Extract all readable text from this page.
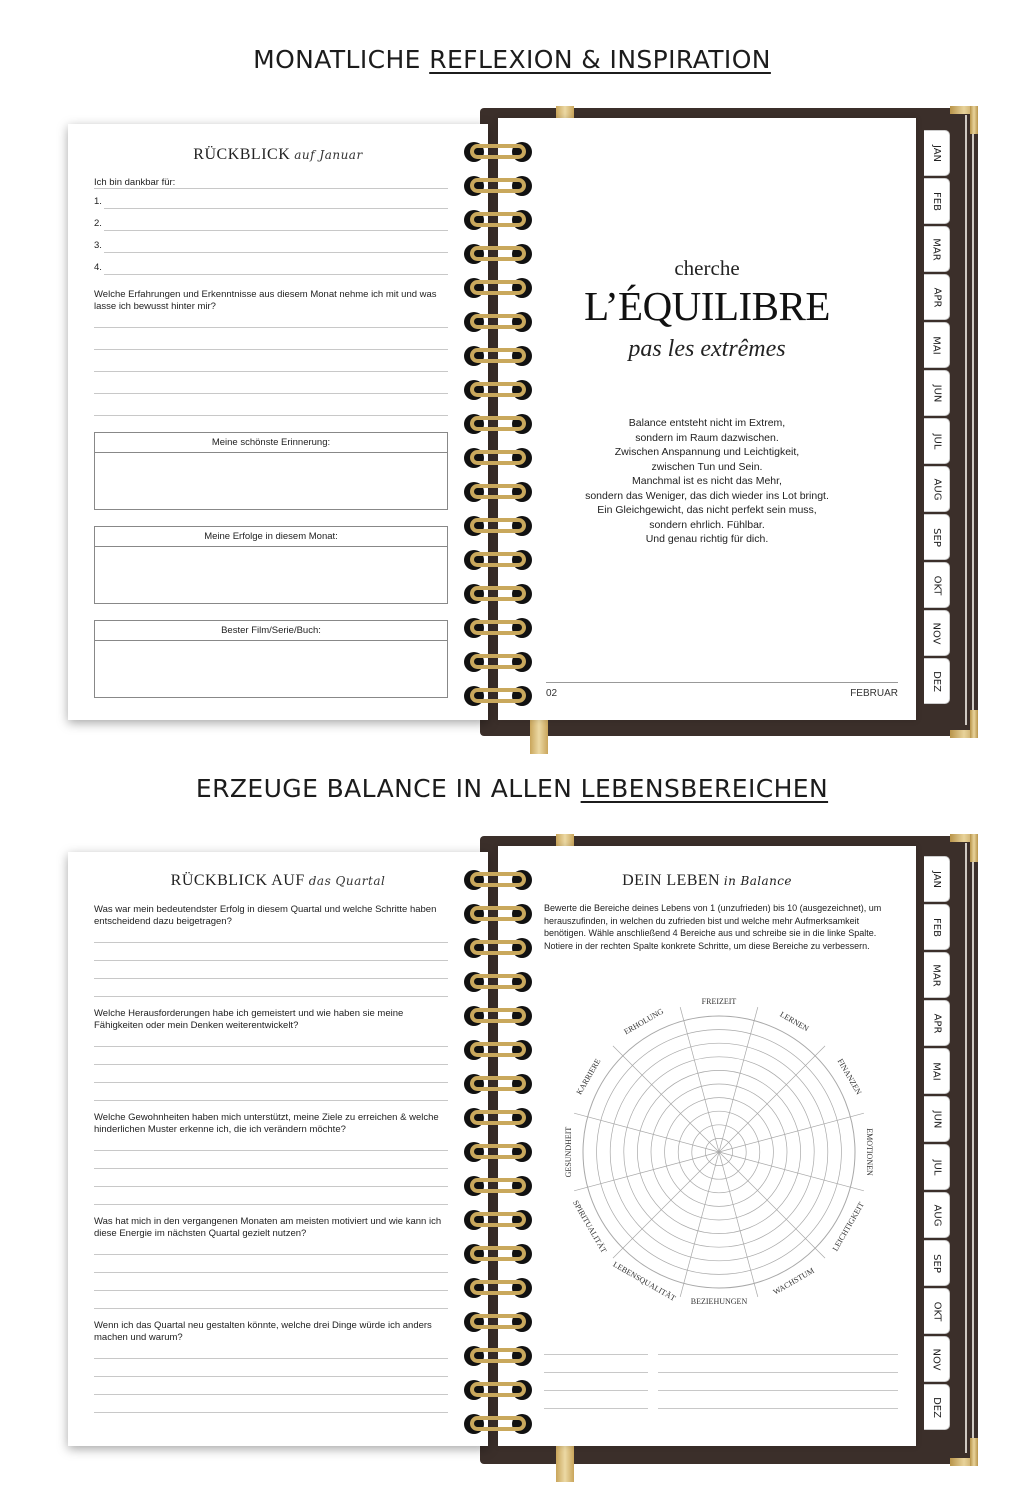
MONATLICHE REFLEXION & INSPIRATION
RÜCKBLICK auf Januar
Ich bin dankbar für:
1.
2.
3.
4.
Welche Erfahrungen und Erkenntnisse aus diesem Monat nehme ich mit und was lasse ich bewusst hinter mir?
Meine schönste Erinnerung:
Meine Erfolge in diesem Monat:
Bester Film/Serie/Buch:
cherche
L’ÉQUILIBRE
pas les extrêmes
Balance entsteht nicht im Extrem,
sondern im Raum dazwischen.
Zwischen Anspannung und Leichtigkeit,
zwischen Tun und Sein.
Manchmal ist es nicht das Mehr,
sondern das Weniger, das dich wieder ins Lot bringt.
Ein Gleichgewicht, das nicht perfekt sein muss,
sondern ehrlich. Fühlbar.
Und genau richtig für dich.
02	FEBRUAR
JAN
FEB
MAR
APR
MAI
JUN
JUL
AUG
SEP
OKT
NOV
DEZ
ERZEUGE BALANCE IN ALLEN LEBENSBEREICHEN
RÜCKBLICK AUF das Quartal
Was war mein bedeutendster Erfolg in diesem Quartal und welche Schritte haben entscheidend dazu beigetragen?
Welche Herausforderungen habe ich gemeistert und wie haben sie meine Fähigkeiten oder mein Denken weiterentwickelt?
Welche Gewohnheiten haben mich unterstützt, meine Ziele zu erreichen & welche hinderlichen Muster erkenne ich, die ich verändern möchte?
Was hat mich in den vergangenen Monaten am meisten motiviert und wie kann ich diese Energie im nächsten Quartal gezielt nutzen?
Wenn ich das Quartal neu gestalten könnte, welche drei Dinge würde ich anders machen und warum?
DEIN LEBEN in Balance
Bewerte die Bereiche deines Lebens von 1 (unzufrieden) bis 10 (ausgezeichnet), um herauszufinden, in welchen du zufrieden bist und welche mehr Aufmerksamkeit benötigen. Wähle anschließend 4 Bereiche aus und schreibe sie in die linke Spalte. Notiere in der rechten Spalte konkrete Schritte, um diese Bereiche zu verbessern.
FREIZEIT
LERNEN
FINANZEN
EMOTIONEN
LEICHTIGKEIT
WACHSTUM
BEZIEHUNGEN
LEBENSQUALITÄT
SPIRITUALITÄT
GESUNDHEIT
KARRIERE
ERHOLUNG
JAN
FEB
MAR
APR
MAI
JUN
JUL
AUG
SEP
OKT
NOV
DEZ
